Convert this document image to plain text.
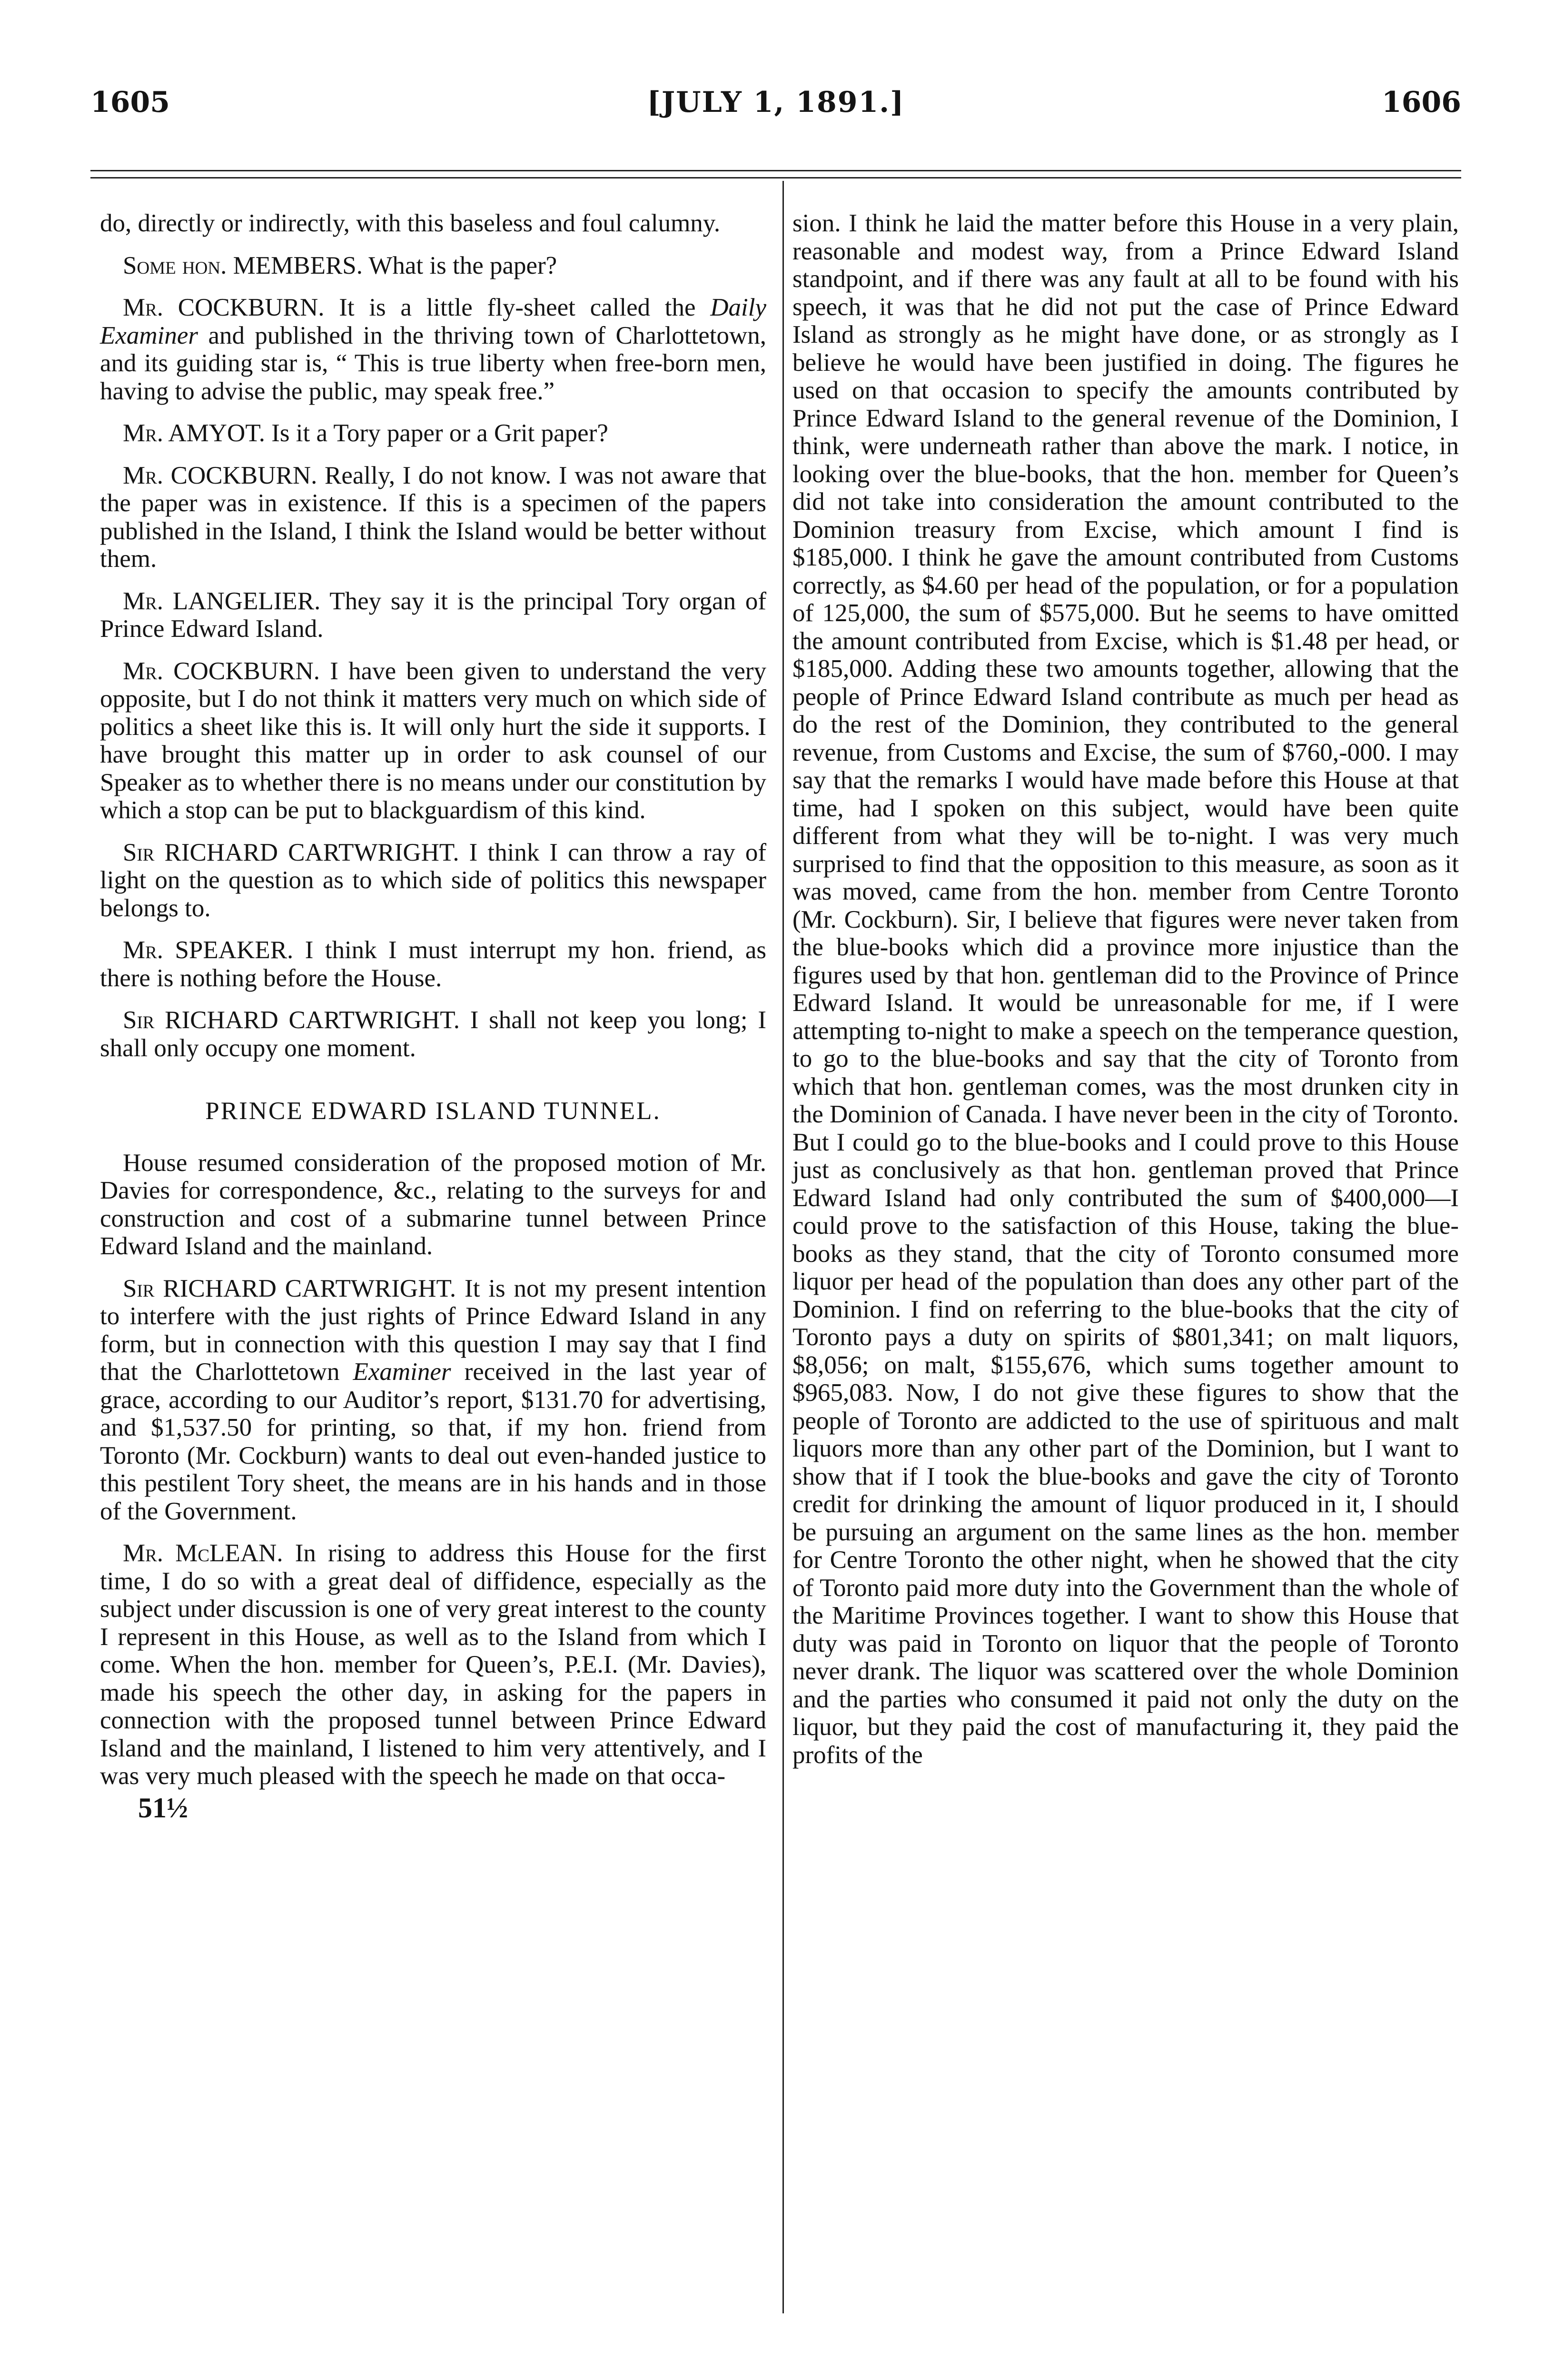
1605	[JULY 1, 1891.]	1606

do, directly or indirectly, with this baseless and foul calumny.

Some hon. MEMBERS. What is the paper?

Mr. COCKBURN. It is a little fly-sheet called the Daily Examiner and published in the thriving town of Charlottetown, and its guiding star is, “ This is true liberty when free-born men, having to advise the public, may speak free.”

Mr. AMYOT. Is it a Tory paper or a Grit paper?

Mr. COCKBURN. Really, I do not know. I was not aware that the paper was in existence. If this is a specimen of the papers published in the Island, I think the Island would be better without them.

Mr. LANGELIER. They say it is the principal Tory organ of Prince Edward Island.

Mr. COCKBURN. I have been given to understand the very opposite, but I do not think it matters very much on which side of politics a sheet like this is. It will only hurt the side it supports. I have brought this matter up in order to ask counsel of our Speaker as to whether there is no means under our constitution by which a stop can be put to blackguardism of this kind.

Sir RICHARD CARTWRIGHT. I think I can throw a ray of light on the question as to which side of politics this newspaper belongs to.

Mr. SPEAKER. I think I must interrupt my hon. friend, as there is nothing before the House.

Sir RICHARD CARTWRIGHT. I shall not keep you long; I shall only occupy one moment.

PRINCE EDWARD ISLAND TUNNEL.

House resumed consideration of the proposed motion of Mr. Davies for correspondence, &c., relating to the surveys for and construction and cost of a submarine tunnel between Prince Edward Island and the mainland.

Sir RICHARD CARTWRIGHT. It is not my present intention to interfere with the just rights of Prince Edward Island in any form, but in connection with this question I may say that I find that the Charlottetown Examiner received in the last year of grace, according to our Auditor’s report, $131.70 for advertising, and $1,537.50 for printing, so that, if my hon. friend from Toronto (Mr. Cockburn) wants to deal out even-handed justice to this pestilent Tory sheet, the means are in his hands and in those of the Government.

Mr. McLEAN. In rising to address this House for the first time, I do so with a great deal of diffidence, especially as the subject under discussion is one of very great interest to the county I represent in this House, as well as to the Island from which I come. When the hon. member for Queen’s, P.E.I. (Mr. Davies), made his speech the other day, in asking for the papers in connection with the proposed tunnel between Prince Edward Island and the mainland, I listened to him very attentively, and I was very much pleased with the speech he made on that occa-

51½

sion. I think he laid the matter before this House in a very plain, reasonable and modest way, from a Prince Edward Island standpoint, and if there was any fault at all to be found with his speech, it was that he did not put the case of Prince Edward Island as strongly as he might have done, or as strongly as I believe he would have been justified in doing. The figures he used on that occasion to specify the amounts contributed by Prince Edward Island to the general revenue of the Dominion, I think, were underneath rather than above the mark. I notice, in looking over the blue-books, that the hon. member for Queen’s did not take into consideration the amount contributed to the Dominion treasury from Excise, which amount I find is $185,000. I think he gave the amount contributed from Customs correctly, as $4.60 per head of the population, or for a population of 125,000, the sum of $575,000. But he seems to have omitted the amount contributed from Excise, which is $1.48 per head, or $185,000. Adding these two amounts together, allowing that the people of Prince Edward Island contribute as much per head as do the rest of the Dominion, they contributed to the general revenue, from Customs and Excise, the sum of $760,-000. I may say that the remarks I would have made before this House at that time, had I spoken on this subject, would have been quite different from what they will be to-night. I was very much surprised to find that the opposition to this measure, as soon as it was moved, came from the hon. member from Centre Toronto (Mr. Cockburn). Sir, I believe that figures were never taken from the blue-books which did a province more injustice than the figures used by that hon. gentleman did to the Province of Prince Edward Island. It would be unreasonable for me, if I were attempting to-night to make a speech on the temperance question, to go to the blue-books and say that the city of Toronto from which that hon. gentleman comes, was the most drunken city in the Dominion of Canada. I have never been in the city of Toronto. But I could go to the blue-books and I could prove to this House just as conclusively as that hon. gentleman proved that Prince Edward Island had only contributed the sum of $400,000—I could prove to the satisfaction of this House, taking the blue-books as they stand, that the city of Toronto consumed more liquor per head of the population than does any other part of the Dominion. I find on referring to the blue-books that the city of Toronto pays a duty on spirits of $801,341; on malt liquors, $8,056; on malt, $155,676, which sums together amount to $965,083. Now, I do not give these figures to show that the people of Toronto are addicted to the use of spirituous and malt liquors more than any other part of the Dominion, but I want to show that if I took the blue-books and gave the city of Toronto credit for drinking the amount of liquor produced in it, I should be pursuing an argument on the same lines as the hon. member for Centre Toronto the other night, when he showed that the city of Toronto paid more duty into the Government than the whole of the Maritime Provinces together. I want to show this House that duty was paid in Toronto on liquor that the people of Toronto never drank. The liquor was scattered over the whole Dominion and the parties who consumed it paid not only the duty on the liquor, but they paid the cost of manufacturing it, they paid the profits of the
